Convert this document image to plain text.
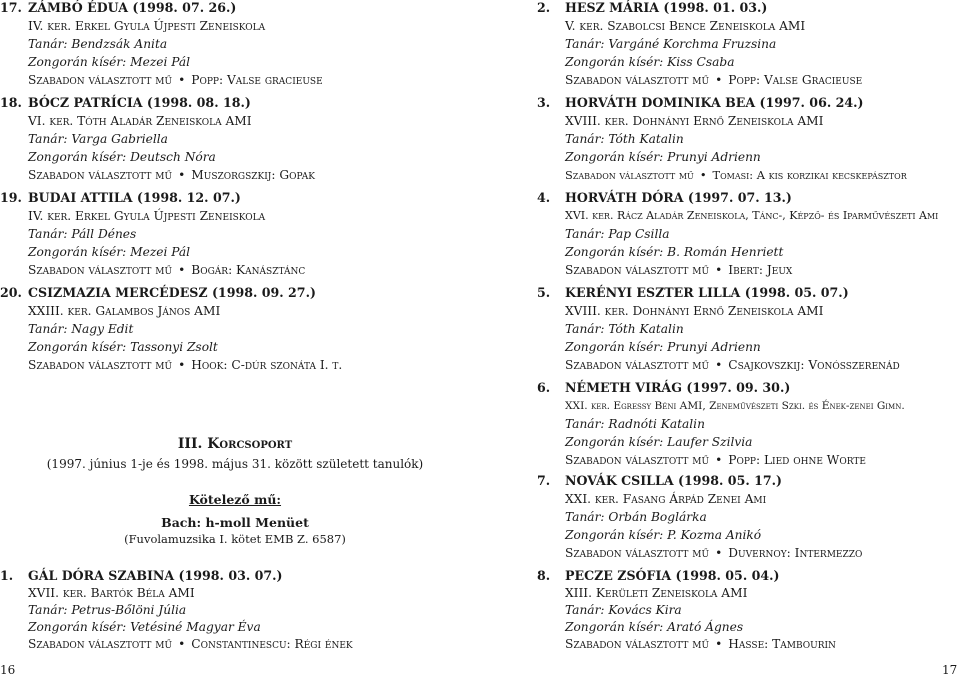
17. ZÁMBÓ ÉDUA (1998. 07. 26.)
IV. ker. Erkel Gyula Újpesti Zeneiskola
Tanár: Bendzsák Anita
Zongorán kísér: Mezei Pál
Szabadon választott mű • Popp: Valse gracieuse
18. BÓCZ PATRÍCIA (1998. 08. 18.)
VI. ker. Tóth Aladár Zeneiskola AMI
Tanár: Varga Gabriella
Zongorán kísér: Deutsch Nóra
Szabadon választott mű • Muszorgszkij: Gopak
19. BUDAI ATTILA (1998. 12. 07.)
IV. ker. Erkel Gyula Újpesti Zeneiskola
Tanár: Páll Dénes
Zongorán kísér: Mezei Pál
Szabadon választott mű • Bogár: Kanásztánc
20. CSIZMAZIA MERCÉDESZ (1998. 09. 27.)
XXIII. ker. Galambos János AMI
Tanár: Nagy Edit
Zongorán kísér: Tassonyi Zsolt
Szabadon választott mű • Hook: C-dúr szonáta I. t.
III. Korcsoport
(1997. június 1-je és 1998. május 31. között született tanulók)
Kötelező mű:
Bach: h-moll Menüet
(Fuvolamuzsika I. kötet EMB Z. 6587)
1. GÁL DÓRA SZABINA (1998. 03. 07.)
XVII. ker. Bartók Béla AMI
Tanár: Petrus-Bőlöni Júlia
Zongorán kísér: Vetésiné Magyar Éva
Szabadon választott mű • Constantinescu: Régi ének
16
2. HESZ MÁRIA (1998. 01. 03.)
V. ker. Szabolcsi Bence Zeneiskola AMI
Tanár: Vargáné Korchma Fruzsina
Zongorán kísér: Kiss Csaba
Szabadon választott mű • Popp: Valse Gracieuse
3. HORVÁTH DOMINIKA BEA (1997. 06. 24.)
XVIII. ker. Dohnányi Ernő Zeneiskola AMI
Tanár: Tóth Katalin
Zongorán kísér: Prunyi Adrienn
Szabadon választott mű • Tomasi: A kis korzikai kecskepásztor
4. HORVÁTH DÓRA (1997. 07. 13.)
XVI. ker. Rácz Aladár Zeneiskola, Tánc-, Képző- és Iparművészeti Ami
Tanár: Pap Csilla
Zongorán kísér: B. Román Henriett
Szabadon választott mű • Ibert: Jeux
5. KERÉNYI ESZTER LILLA (1998. 05. 07.)
XVIII. ker. Dohnányi Ernő Zeneiskola AMI
Tanár: Tóth Katalin
Zongorán kísér: Prunyi Adrienn
Szabadon választott mű • Csajkovszkij: Vonósszerenád
6. NÉMETH VIRÁG (1997. 09. 30.)
XXI. ker. Egressy Béni AMI, Zeneművészeti Szki. és Ének-zenei Gimn.
Tanár: Radnóti Katalin
Zongorán kísér: Laufer Szilvia
Szabadon választott mű • Popp: Lied ohne Worte
7. NOVÁK CSILLA (1998. 05. 17.)
XXI. ker. Fasang Árpád Zenei Ami
Tanár: Orbán Boglárka
Zongorán kísér: P. Kozma Anikó
Szabadon választott mű • Duvernoy: Intermezzo
8. PECZE ZSÓFIA (1998. 05. 04.)
XIII. Kerületi Zeneiskola AMI
Tanár: Kovács Kira
Zongorán kísér: Arató Ágnes
Szabadon választott mű • Hasse: Tambourin
17
